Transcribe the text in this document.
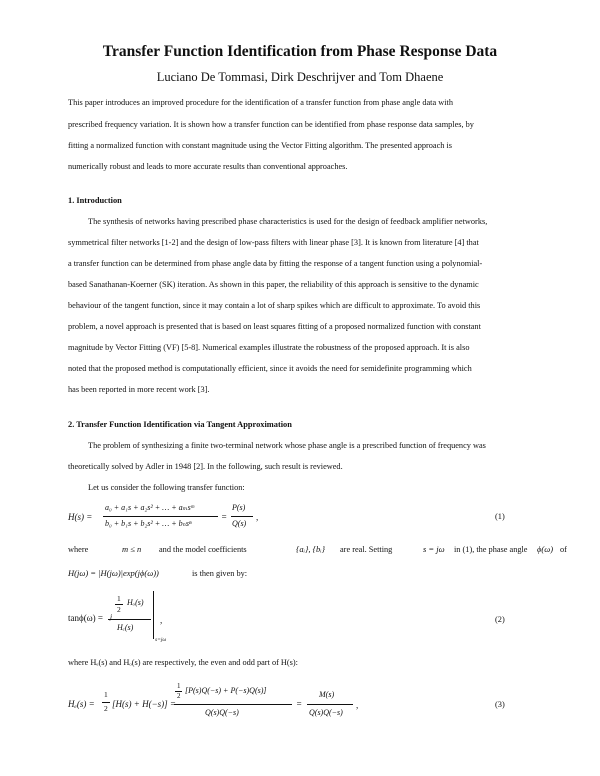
Transfer Function Identification from Phase Response Data
Luciano De Tommasi, Dirk Deschrijver and Tom Dhaene
This paper introduces an improved procedure for the identification of a transfer function from phase angle data with
prescribed frequency variation. It is shown how a transfer function can be identified from phase response data samples, by
fitting a normalized function with constant magnitude using the Vector Fitting algorithm. The presented approach is
numerically robust and leads to more accurate results than conventional approaches.
1. Introduction
The synthesis of networks having prescribed phase characteristics is used for the design of feedback amplifier networks,
symmetrical filter networks [1-2] and the design of low-pass filters with linear phase [3]. It is known from literature [4] that
a transfer function can be determined from phase angle data by fitting the response of a tangent function using a polynomial-
based Sanathanan-Koerner (SK) iteration. As shown in this paper, the reliability of this approach is sensitive to the dynamic
behaviour of the tangent function, since it may contain a lot of sharp spikes which are difficult to approximate. To avoid this
problem, a novel approach is presented that is based on least squares fitting of a proposed normalized function with constant
magnitude by Vector Fitting (VF) [5-8]. Numerical examples illustrate the robustness of the proposed approach. It is also
noted that the proposed method is computationally efficient, since it avoids the need for semidefinite programming which
has been reported in more recent work [3].
2. Transfer Function Identification via Tangent Approximation
The problem of synthesizing a finite two-terminal network whose phase angle is a prescribed function of frequency was
theoretically solved by Adler in 1948 [2]. In the following, such result is reviewed.
Let us consider the following transfer function:
H(s) =
a₀ + a₁s + a₂s² + … + aₘsᵐ
b₀ + b₁s + b₂s² + … + bₙsⁿ
=
P(s)
Q(s)
,	(1)
where	m ≤ n and the model coefficients	{aᵢ}, {bᵢ} are real. Setting	s = jω in (1), the phase angle ϕ(ω) of
H(jω) = |H(jω)|exp(jϕ(ω))	is then given by:
tanϕ(ω) =
1
2
j
Hₒ(s)
Hₑ(s)
s=jω
,	(2)
where Hₑ(s) and Hₒ(s) are respectively, the even and odd part of H(s):
Hₑ(s) =
1
2 [H(s) + H(−s)] =
1
2
[P(s)Q(−s) + P(−s)Q(s)]
Q(s)Q(−s)
=
M(s)
Q(s)Q(−s)
,	(3)
